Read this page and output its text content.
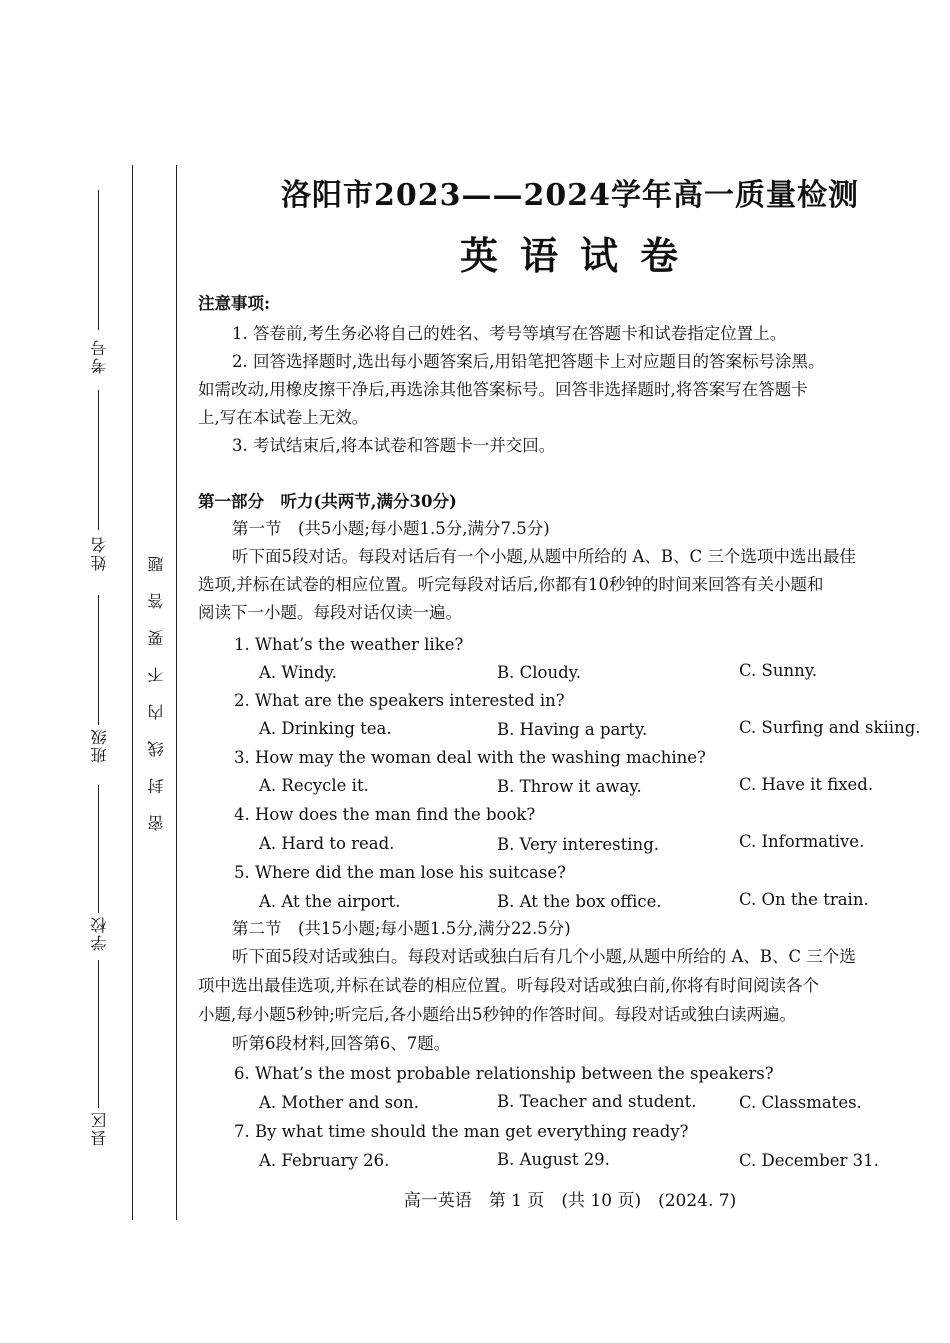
考号
姓名
班级
学校
县区
密封线内不要答题
洛阳市2023——2024学年高一质量检测
英语试卷
注意事项:
1. 答卷前,考生务必将自己的姓名、考号等填写在答题卡和试卷指定位置上。
2. 回答选择题时,选出每小题答案后,用铅笔把答题卡上对应题目的答案标号涂黑。
如需改动,用橡皮擦干净后,再选涂其他答案标号。回答非选择题时,将答案写在答题卡
上,写在本试卷上无效。
3. 考试结束后,将本试卷和答题卡一并交回。
第一部分　听力(共两节,满分30分)
第一节　(共5小题;每小题1.5分,满分7.5分)
听下面5段对话。每段对话后有一个小题,从题中所给的 A、B、C 三个选项中选出最佳
选项,并标在试卷的相应位置。听完每段对话后,你都有10秒钟的时间来回答有关小题和
阅读下一小题。每段对话仅读一遍。
1. What’s the weather like?
A. Windy.	B. Cloudy.	C. Sunny.
2. What are the speakers interested in?
A. Drinking tea.	B. Having a party.	C. Surfing and skiing.
3. How may the woman deal with the washing machine?
A. Recycle it.	B. Throw it away.	C. Have it fixed.
4. How does the man find the book?
A. Hard to read.	B. Very interesting.	C. Informative.
5. Where did the man lose his suitcase?
A. At the airport.	B. At the box office.	C. On the train.
第二节　(共15小题;每小题1.5分,满分22.5分)
听下面5段对话或独白。每段对话或独白后有几个小题,从题中所给的 A、B、C 三个选
项中选出最佳选项,并标在试卷的相应位置。听每段对话或独白前,你将有时间阅读各个
小题,每小题5秒钟;听完后,各小题给出5秒钟的作答时间。每段对话或独白读两遍。
听第6段材料,回答第6、7题。
6. What’s the most probable relationship between the speakers?
A. Mother and son.	B. Teacher and student.	C. Classmates.
7. By what time should the man get everything ready?
A. February 26.	B. August 29.	C. December 31.
高一英语　第 1 页　(共 10 页)　(2024. 7)
